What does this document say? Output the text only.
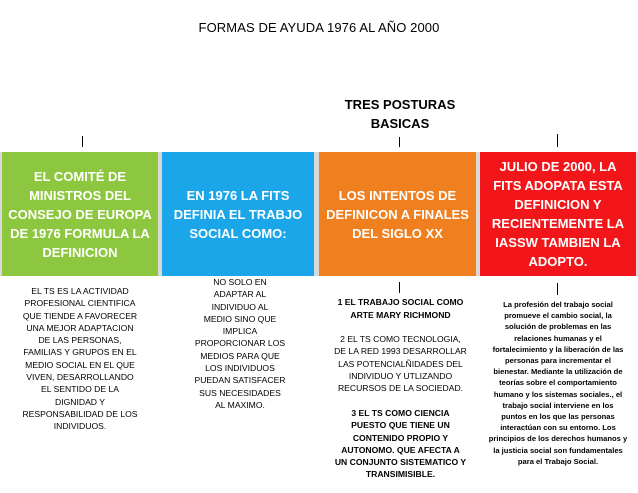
FORMAS DE AYUDA 1976 AL AÑO 2000
TRES POSTURAS
BASICAS
EL COMITÉ DE
MINISTROS DEL
CONSEJO DE EUROPA
DE 1976 FORMULA LA
DEFINICION
EN 1976 LA FITS
DEFINIA EL TRABJO
SOCIAL COMO:
LOS INTENTOS DE
DEFINICON A FINALES
DEL SIGLO XX
JULIO DE 2000, LA
FITS ADOPATA ESTA
DEFINICION Y
RECIENTEMENTE LA
IASSW TAMBIEN LA
ADOPTO.
EL TS ES LA ACTIVIDAD
PROFESIONAL CIENTIFICA
QUE TIENDE A FAVORECER
UNA MEJOR ADAPTACION
DE LAS PERSONAS,
FAMILIAS Y GRUPOS EN EL
MEDIO SOCIAL EN EL QUE
VIVEN, DESARROLLANDO
EL SENTIDO DE LA
DIGNIDAD Y
RESPONSABILIDAD DE LOS
INDIVIDUOS.
NO SOLO EN
ADAPTAR AL
INDIVIDUO AL
MEDIO SINO QUE
IMPLICA
PROPORCIONAR LOS
MEDIOS PARA QUE
LOS INDIVIDUOS
PUEDAN SATISFACER
SUS NECESIDADES
AL MAXIMO.

1 EL TRABAJO SOCIAL COMO
ARTE MARY RICHMOND

2 EL TS COMO TECNOLOGIA,
DE LA RED 1993 DESARROLLAR
LAS POTENCIALÑIDADES DEL
INDIVIDUO Y UTLIZANDO
RECURSOS DE LA SOCIEDAD.

3 EL TS COMO CIENCIA
PUESTO QUE TIENE UN
CONTENIDO PROPIO Y
AUTONOMO. QUE AFECTA A
UN CONJUNTO SISTEMATICO Y
TRANSIMISIBLE.

La profesión del trabajo social
promueve el cambio social, la
solución de problemas en las
relaciones humanas y el
fortalecimiento y la liberación de las
personas para incrementar el
bienestar. Mediante la utilización de
teorías sobre el comportamiento
humano y los sistemas sociales., el
trabajo social interviene en los
puntos en los que las personas
interactúan con su entorno. Los
principios de los derechos humanos y
la justicia social son fundamentales
para el Trabajo Social.
